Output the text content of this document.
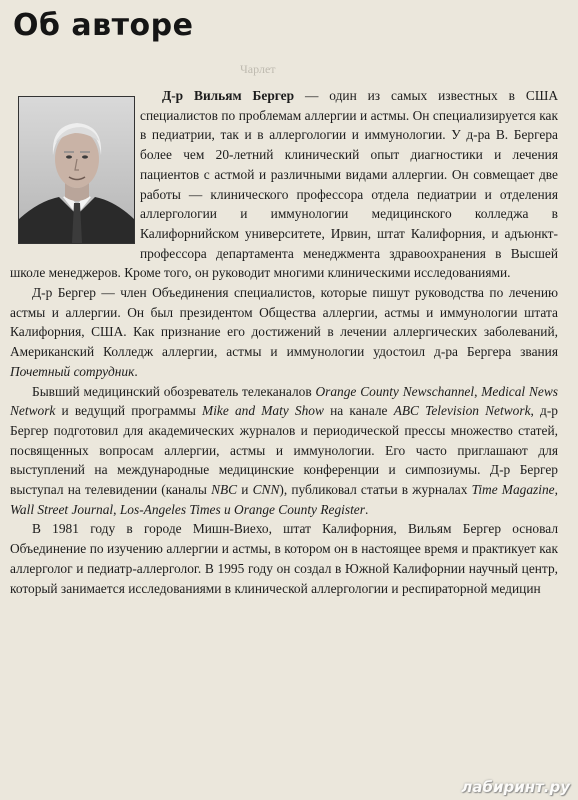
Об авторе
Чарлет

Д-р Вильям Бергер — один из самых известных в США специалистов по проблемам аллергии и астмы. Он специализируется как в педиатрии, так и в аллергологии и иммунологии. У д-ра В. Бергера более чем 20-летний клинический опыт диагностики и лечения пациентов с астмой и различными видами аллергии. Он совмещает две работы — клинического профессора отдела педиатрии и отделения аллергологии и иммунологии медицинского колледжа в Калифорнийском университете, Ирвин, штат Калифорния, и адъюнкт-профессора департамента менеджмента здравоохранения в Высшей школе менеджеров. Кроме того, он руководит многими клиническими исследованиями.

Д-р Бергер — член Объединения специалистов, которые пишут руководства по лечению астмы и аллергии. Он был президентом Общества аллергии, астмы и иммунологии штата Калифорния, США. Как признание его достижений в лечении аллергических заболеваний, Американский Колледж аллергии, астмы и иммунологии удостоил д-ра Бергера звания Почетный сотрудник.

Бывший медицинский обозреватель телеканалов Orange County Newschannel, Medical News Network и ведущий программы Mike and Maty Show на канале ABC Television Network, д-р Бергер подготовил для академических журналов и периодической прессы множество статей, посвященных вопросам аллергии, астмы и иммунологии. Его часто приглашают для выступлений на международные медицинские конференции и симпозиумы. Д-р Бергер выступал на телевидении (каналы NBC и CNN), публиковал статьи в журналах Time Magazine, Wall Street Journal, Los-Angeles Times и Orange County Register.

В 1981 году в городе Мишн-Виехо, штат Калифорния, Вильям Бергер основал Объединение по изучению аллергии и астмы, в котором он в настоящее время и практикует как аллерголог и педиатр-аллерголог. В 1995 году он создал в Южной Калифорнии научный центр, который занимается исследованиями в клинической аллергологии и респираторной медицин

лабиринт.ру
